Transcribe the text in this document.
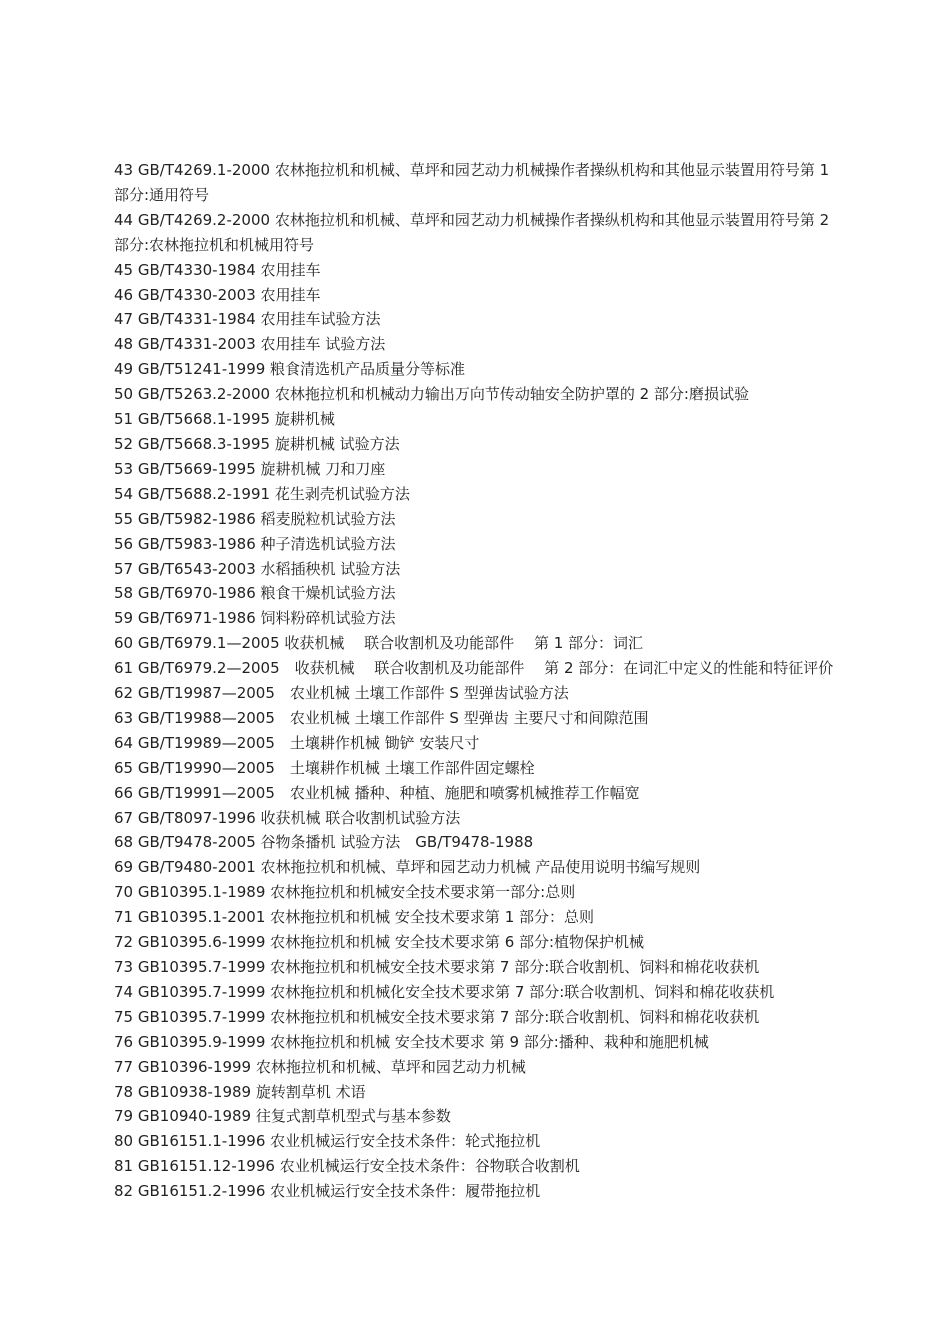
43 GB/T4269.1-2000 农林拖拉机和机械、草坪和园艺动力机械操作者操纵机构和其他显示装置用符号第 1 部分:通用符号

44 GB/T4269.2-2000 农林拖拉机和机械、草坪和园艺动力机械操作者操纵机构和其他显示装置用符号第 2 部分:农林拖拉机和机械用符号

45 GB/T4330-1984 农用挂车

46 GB/T4330-2003 农用挂车

47 GB/T4331-1984 农用挂车试验方法

48 GB/T4331-2003 农用挂车 试验方法

49 GB/T51241-1999 粮食清选机产品质量分等标准

50 GB/T5263.2-2000 农林拖拉机和机械动力输出万向节传动轴安全防护罩的 2 部分:磨损试验

51 GB/T5668.1-1995 旋耕机械

52 GB/T5668.3-1995 旋耕机械 试验方法

53 GB/T5669-1995 旋耕机械 刀和刀座

54 GB/T5688.2-1991 花生剥壳机试验方法

55 GB/T5982-1986 稻麦脱粒机试验方法

56 GB/T5983-1986 种子清选机试验方法

57 GB/T6543-2003 水稻插秧机 试验方法

58 GB/T6970-1986 粮食干燥机试验方法

59 GB/T6971-1986 饲料粉碎机试验方法

60 GB/T6979.1—2005 收获机械　 联合收割机及功能部件　 第 1 部分：词汇

61 GB/T6979.2—2005　收获机械　 联合收割机及功能部件　 第 2 部分：在词汇中定义的性能和特征评价

62 GB/T19987—2005　农业机械 土壤工作部件 S 型弹齿试验方法

63 GB/T19988—2005　农业机械 土壤工作部件 S 型弹齿 主要尺寸和间隙范围

64 GB/T19989—2005　土壤耕作机械 锄铲 安装尺寸

65 GB/T19990—2005　土壤耕作机械 土壤工作部件固定螺栓

66 GB/T19991—2005　农业机械 播种、种植、施肥和喷雾机械推荐工作幅宽

67 GB/T8097-1996 收获机械 联合收割机试验方法

68 GB/T9478-2005 谷物条播机 试验方法　GB/T9478-1988

69 GB/T9480-2001 农林拖拉机和机械、草坪和园艺动力机械 产品使用说明书编写规则

70 GB10395.1-1989 农林拖拉机和机械安全技术要求第一部分:总则

71 GB10395.1-2001 农林拖拉机和机械 安全技术要求第 1 部分：总则

72 GB10395.6-1999 农林拖拉机和机械 安全技术要求第 6 部分:植物保护机械

73 GB10395.7-1999 农林拖拉机和机械安全技术要求第 7 部分:联合收割机、饲料和棉花收获机

74 GB10395.7-1999 农林拖拉机和机械化安全技术要求第 7 部分:联合收割机、饲料和棉花收获机

75 GB10395.7-1999 农林拖拉机和机械安全技术要求第 7 部分:联合收割机、饲料和棉花收获机

76 GB10395.9-1999 农林拖拉机和机械 安全技术要求 第 9 部分:播种、栽种和施肥机械

77 GB10396-1999 农林拖拉机和机械、草坪和园艺动力机械

78 GB10938-1989 旋转割草机 术语

79 GB10940-1989 往复式割草机型式与基本参数

80 GB16151.1-1996 农业机械运行安全技术条件：轮式拖拉机

81 GB16151.12-1996 农业机械运行安全技术条件：谷物联合收割机

82 GB16151.2-1996 农业机械运行安全技术条件：履带拖拉机
